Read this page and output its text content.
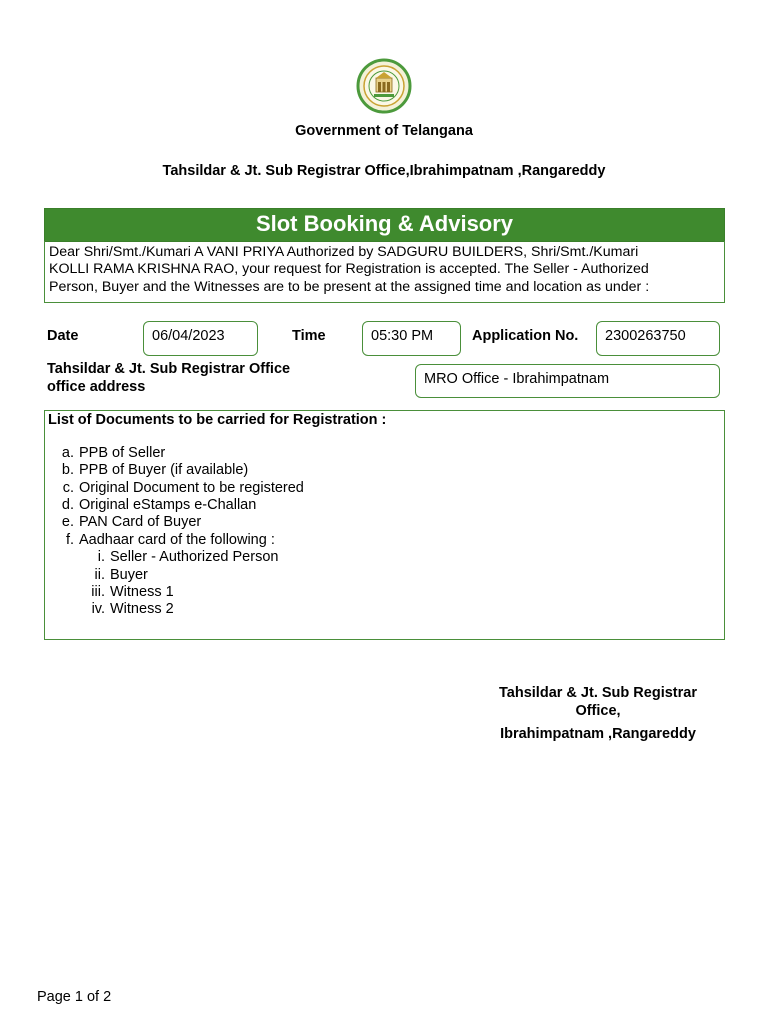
Government of Telangana
Tahsildar & Jt. Sub Registrar Office,Ibrahimpatnam ,Rangareddy
Slot Booking & Advisory
Dear Shri/Smt./Kumari A VANI PRIYA Authorized by SADGURU BUILDERS, Shri/Smt./Kumari
KOLLI RAMA KRISHNA RAO, your request for Registration is accepted. The Seller - Authorized
Person, Buyer and the Witnesses are to be present at the assigned time and location as under :
Date	06/04/2023	Time	05:30 PM	Application No.	2300263750
Tahsildar & Jt. Sub Registrar Office
office address	MRO Office - Ibrahimpatnam
List of Documents to be carried for Registration :
a. PPB of Seller
b. PPB of Buyer (if available)
c. Original Document to be registered
d. Original eStamps e-Challan
e. PAN Card of Buyer
f. Aadhaar card of the following :
i. Seller - Authorized Person
ii. Buyer
iii. Witness 1
iv. Witness 2
Tahsildar & Jt. Sub Registrar
Office,
Ibrahimpatnam ,Rangareddy
Page 1 of 2
